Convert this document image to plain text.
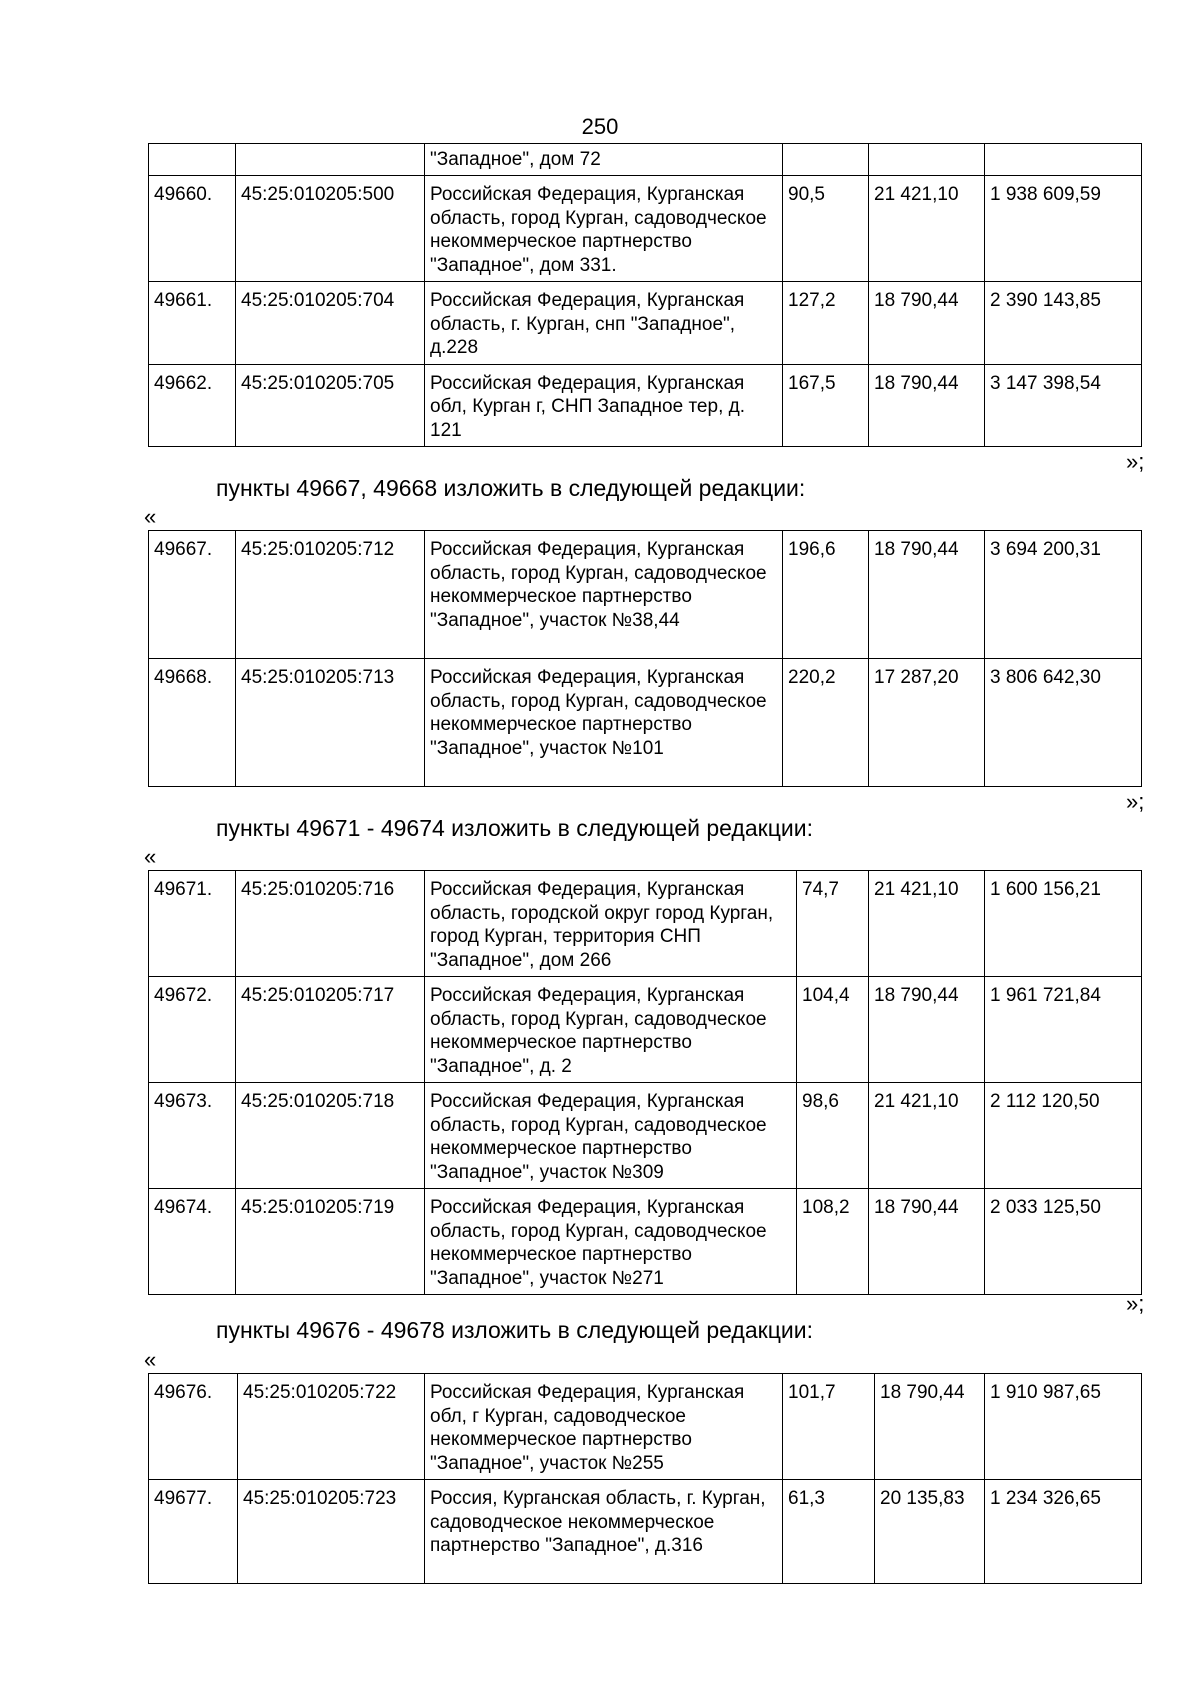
250
		"Западное", дом 72			
49660.	45:25:010205:500	Российская Федерация, Курганская область, город Курган, садоводческое некоммерческое партнерство "Западное", дом 331.	90,5	21 421,10	1 938 609,59
49661.	45:25:010205:704	Российская Федерация, Курганская область, г. Курган, снп "Западное", д.228	127,2	18 790,44	2 390 143,85
49662.	45:25:010205:705	Российская Федерация, Курганская обл, Курган г, СНП Западное тер, д. 121	167,5	18 790,44	3 147 398,54
»;
пункты 49667, 49668 изложить в следующей редакции:
«
49667.	45:25:010205:712	Российская Федерация, Курганская область, город Курган, садоводческое некоммерческое партнерство "Западное", участок №38,44	196,6	18 790,44	3 694 200,31
49668.	45:25:010205:713	Российская Федерация, Курганская область, город Курган, садоводческое некоммерческое партнерство "Западное", участок №101	220,2	17 287,20	3 806 642,30
»;
пункты 49671 - 49674 изложить в следующей редакции:
«
49671.	45:25:010205:716	Российская Федерация, Курганская область, городской округ город Курган, город Курган, территория СНП "Западное", дом 266	74,7	21 421,10	1 600 156,21
49672.	45:25:010205:717	Российская Федерация, Курганская область, город Курган, садоводческое некоммерческое партнерство "Западное", д. 2	104,4	18 790,44	1 961 721,84
49673.	45:25:010205:718	Российская Федерация, Курганская область, город Курган, садоводческое некоммерческое партнерство "Западное", участок №309	98,6	21 421,10	2 112 120,50
49674.	45:25:010205:719	Российская Федерация, Курганская область, город Курган, садоводческое некоммерческое партнерство "Западное", участок №271	108,2	18 790,44	2 033 125,50
»;
пункты 49676 - 49678 изложить в следующей редакции:
«
49676.	45:25:010205:722	Российская Федерация, Курганская обл, г Курган, садоводческое некоммерческое партнерство "Западное", участок №255	101,7	18 790,44	1 910 987,65
49677.	45:25:010205:723	Россия, Курганская область, г. Курган, садоводческое некоммерческое партнерство "Западное", д.316	61,3	20 135,83	1 234 326,65
